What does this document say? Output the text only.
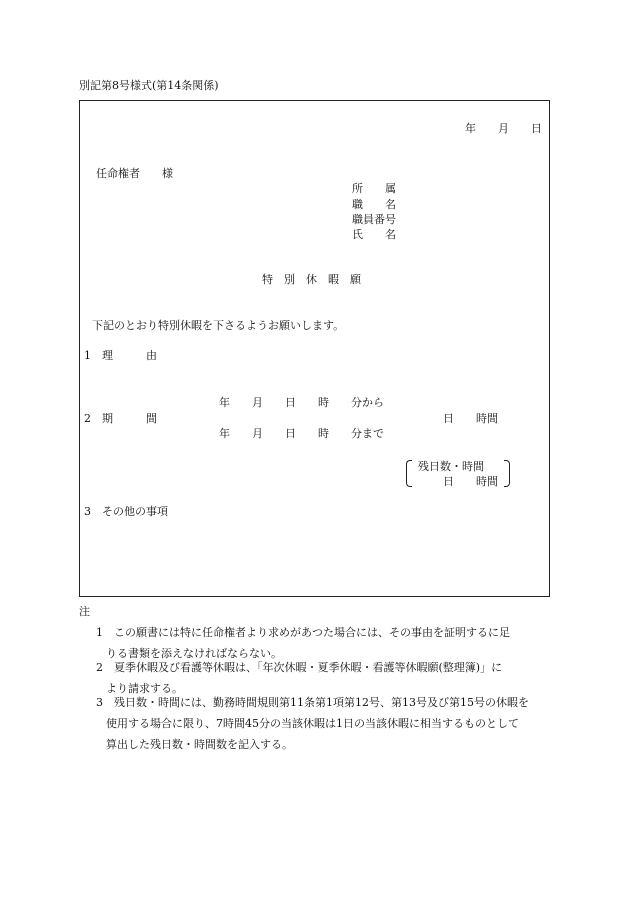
別記第8号様式(第14条関係)
年　　月　　日
任命権者　　様
所　　属
職　　名
職員番号
氏　　名
特　別　休　暇　願
下記のとおり特別休暇を下さるようお願いします。
1　理　　　由
年　　月　　日　　時　　分から
2　期　　　間	日　　時間
年　　月　　日　　時　　分まで
残日数・時間
日　　時間
3　その他の事項
注
1 この願書には特に任命権者より求めがあつた場合には、その事由を証明するに足
りる書類を添えなければならない。
2 夏季休暇及び看護等休暇は、「年次休暇・夏季休暇・看護等休暇願(整理簿)」に
より請求する。
3 残日数・時間には、勤務時間規則第11条第1項第12号、第13号及び第15号の休暇を
使用する場合に限り、7時間45分の当該休暇は1日の当該休暇に相当するものとして
算出した残日数・時間数を記入する。
